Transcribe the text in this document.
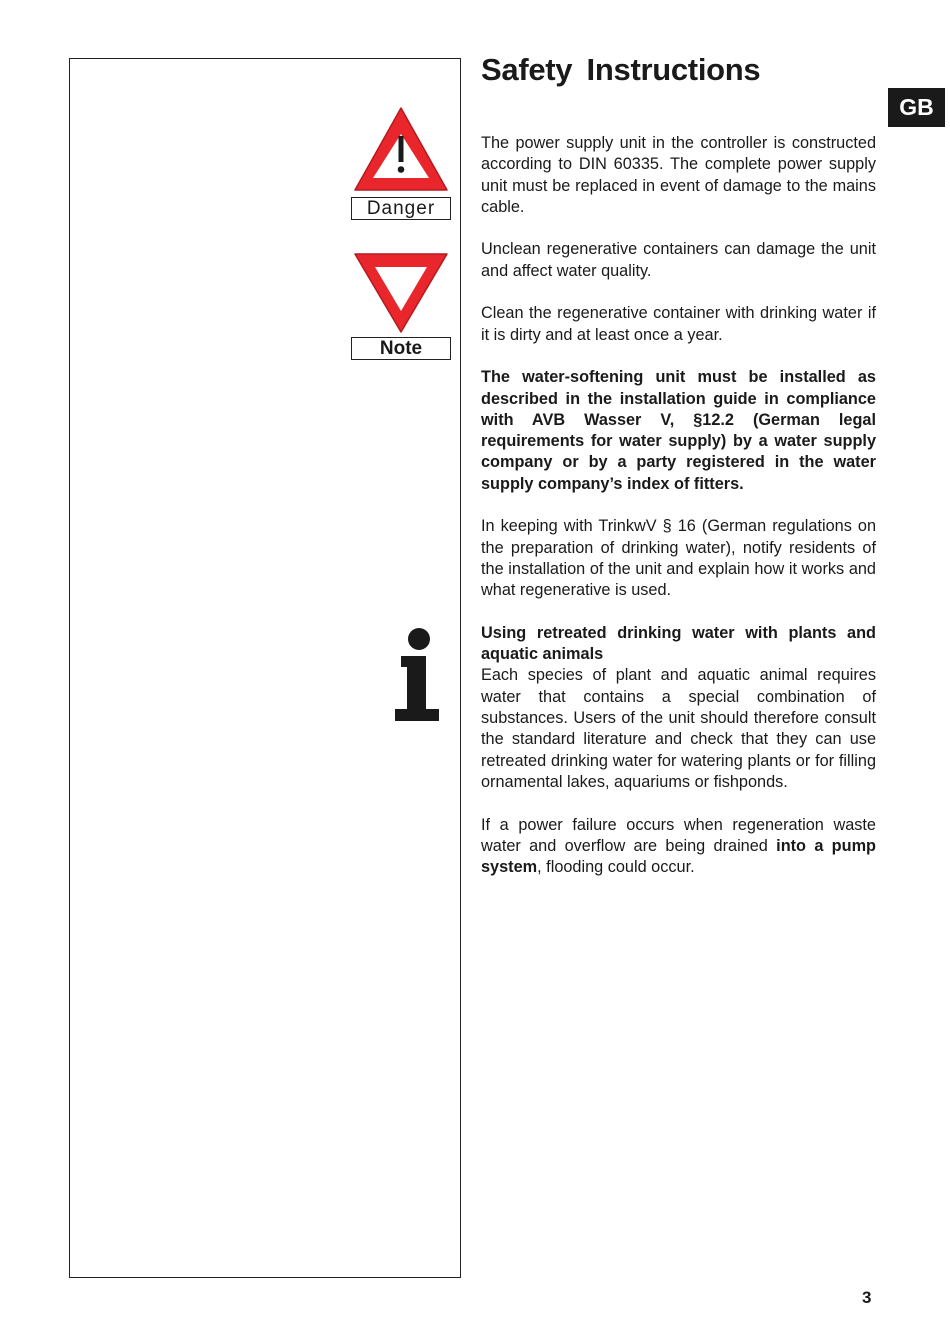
Danger
Note
Safety Instructions
GB

The power supply unit in the controller is constructed according to DIN 60335. The complete power supply unit must be replaced in event of damage to the mains cable.

Unclean regenerative containers can damage the unit and affect water quality.

Clean the regenerative container with drinking water if it is dirty and at least once a year.

The water-softening unit must be installed as described in the installation guide in compliance with AVB Wasser V, §12.2 (German legal requirements for water supply) by a water supply company or by a party registered in the water supply company’s index of fitters.

In keeping with TrinkwV § 16 (German regulations on the preparation of drinking water), notify residents of the installation of the unit and explain how it works and what regenerative is used.

Using retreated drinking water with plants and aquatic animals
Each species of plant and aquatic animal requires water that contains a special combination of substances. Users of the unit should therefore consult the standard literature and check that they can use retreated drinking water for watering plants or for filling ornamental lakes, aquariums or fishponds.

If a power failure occurs when regeneration waste water and overflow are being drained into a pump system, flooding could occur.

3
